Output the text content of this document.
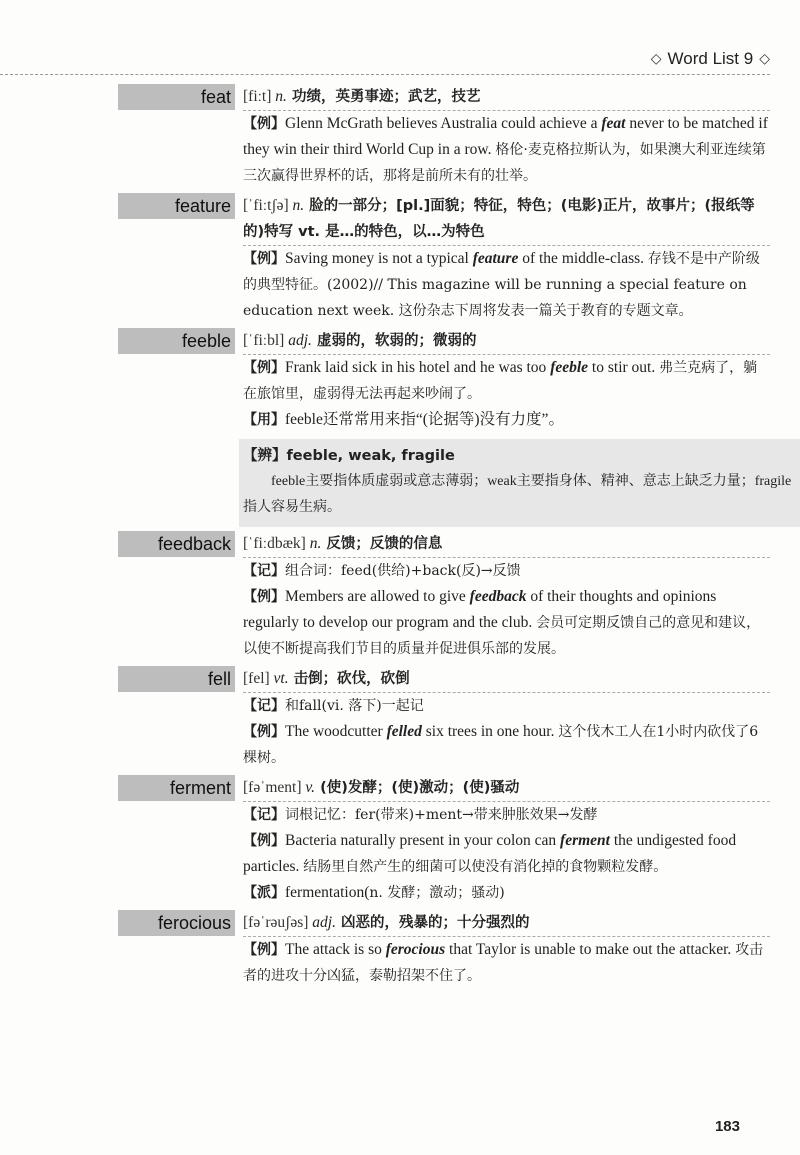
◇ Word List 9 ◇
feat [fiːt] n. 功绩，英勇事迹；武艺，技艺
【例】Glenn McGrath believes Australia could achieve a feat never to be matched if they win their third World Cup in a row. 格伦·麦克格拉斯认为，如果澳大利亚连续第三次赢得世界杯的话，那将是前所未有的壮举。
feature [ˈfiːtʃə] n. 脸的一部分；[pl.]面貌；特征，特色；(电影)正片，故事片；(报纸等的)特写 vt. 是…的特色，以…为特色
【例】Saving money is not a typical feature of the middle-class. 存钱不是中产阶级的典型特征。(2002)// This magazine will be running a special feature on education next week. 这份杂志下周将发表一篇关于教育的专题文章。
feeble [ˈfiːbl] adj. 虚弱的，软弱的；微弱的
【例】Frank laid sick in his hotel and he was too feeble to stir out. 弗兰克病了，躺在旅馆里，虚弱得无法再起来吵闹了。
【用】feeble还常常用来指“(论据等)没有力度”。
【辨】feeble, weak, fragile
feeble主要指体质虚弱或意志薄弱；weak主要指身体、精神、意志上缺乏力量；fragile指人容易生病。
feedback [ˈfiːdbæk] n. 反馈；反馈的信息
【记】组合词：feed(供给)+back(反)→反馈
【例】Members are allowed to give feedback of their thoughts and opinions regularly to develop our program and the club. 会员可定期反馈自己的意见和建议，以使不断提高我们节目的质量并促进俱乐部的发展。
fell [fel] vt. 击倒；砍伐，砍倒
【记】和fall(vi. 落下)一起记
【例】The woodcutter felled six trees in one hour. 这个伐木工人在1小时内砍伐了6棵树。
ferment [fəˈment] v. (使)发酵；(使)激动；(使)骚动
【记】词根记忆：fer(带来)+ment→带来肿胀效果→发酵
【例】Bacteria naturally present in your colon can ferment the undigested food particles. 结肠里自然产生的细菌可以使没有消化掉的食物颗粒发酵。
【派】fermentation(n. 发酵；激动；骚动)
ferocious [fəˈrəuʃəs] adj. 凶恶的，残暴的；十分强烈的
【例】The attack is so ferocious that Taylor is unable to make out the attacker. 攻击者的进攻十分凶猛，泰勒招架不住了。
183
